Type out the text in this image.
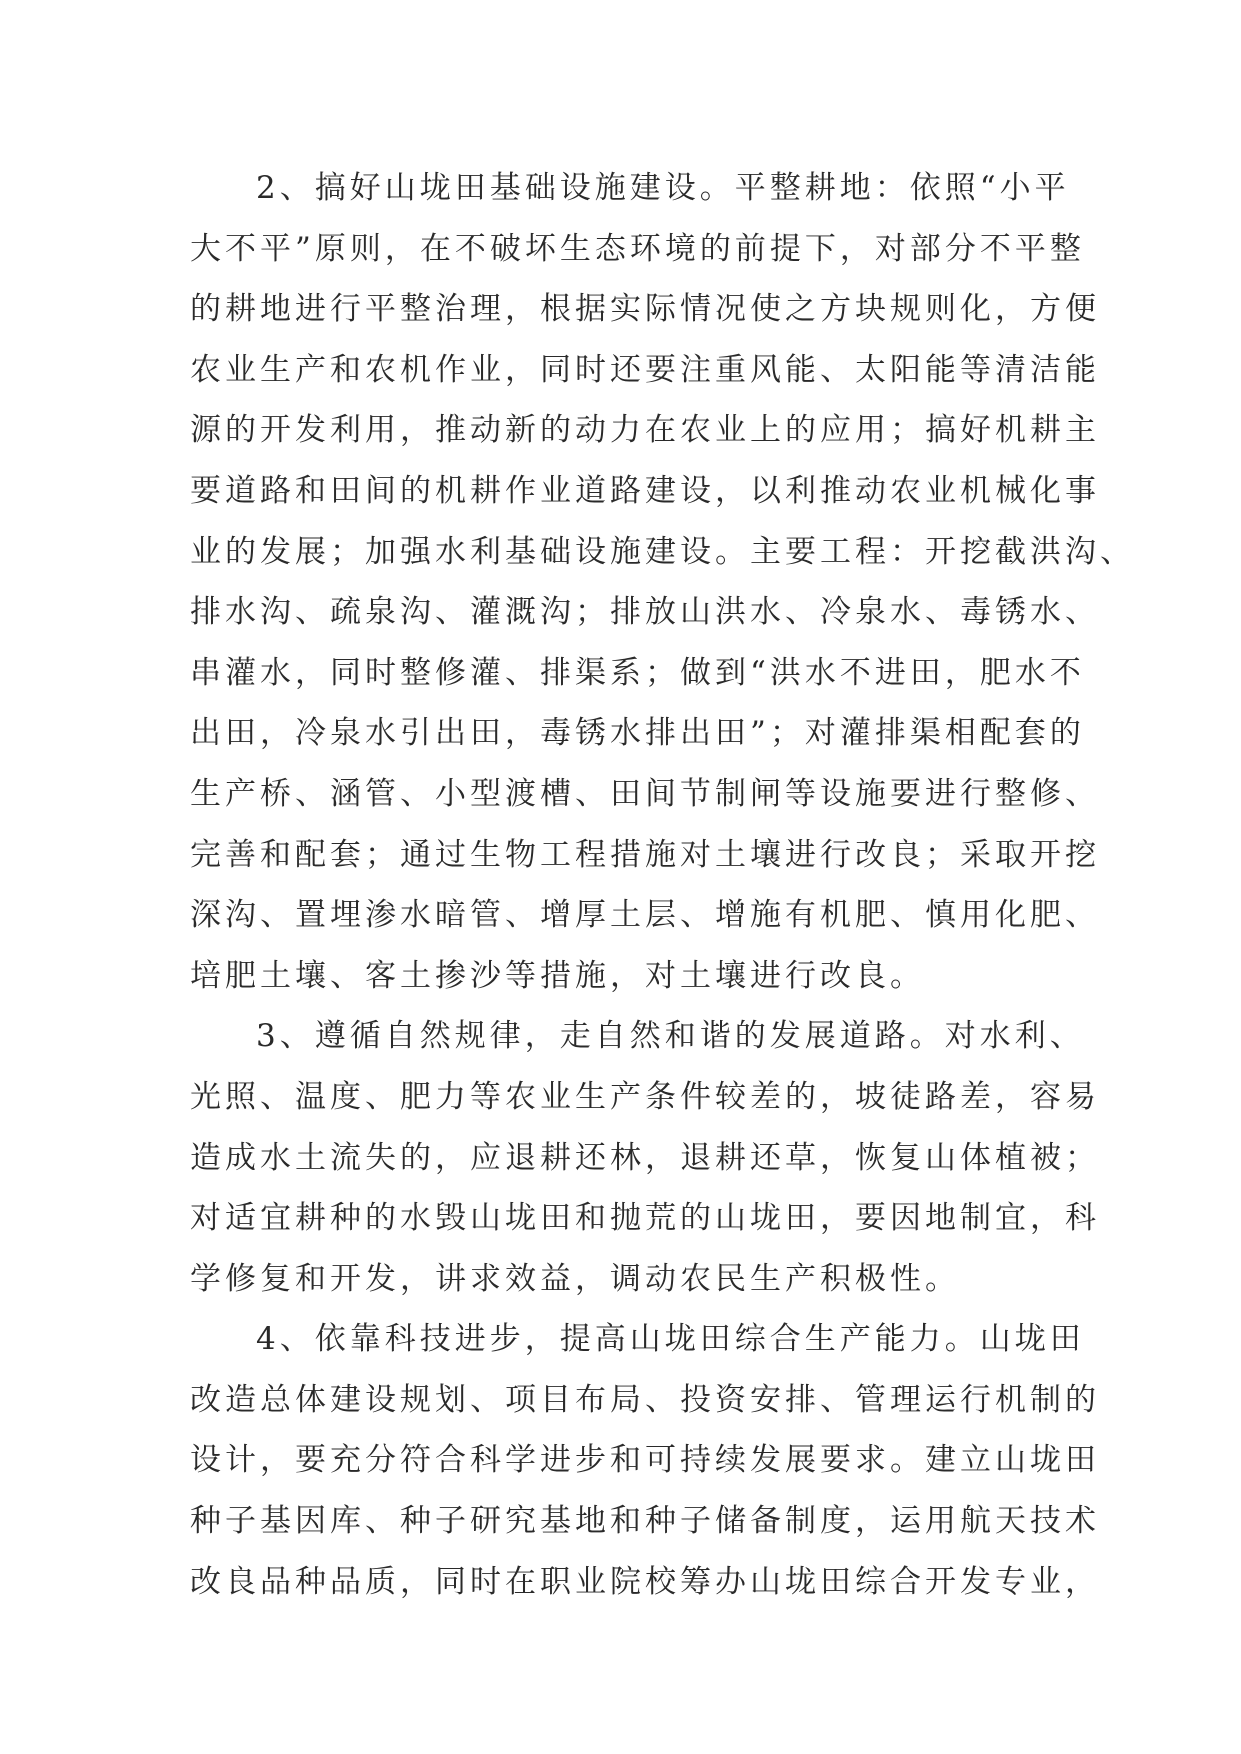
2、搞好山垅田基础设施建设。平整耕地：依照“小平
大不平”原则，在不破坏生态环境的前提下，对部分不平整
的耕地进行平整治理，根据实际情况使之方块规则化，方便
农业生产和农机作业，同时还要注重风能、太阳能等清洁能
源的开发利用，推动新的动力在农业上的应用；搞好机耕主
要道路和田间的机耕作业道路建设，以利推动农业机械化事
业的发展；加强水利基础设施建设。主要工程：开挖截洪沟、
排水沟、疏泉沟、灌溉沟；排放山洪水、冷泉水、毒锈水、
串灌水，同时整修灌、排渠系；做到“洪水不进田，肥水不
出田，冷泉水引出田，毒锈水排出田”；对灌排渠相配套的
生产桥、涵管、小型渡槽、田间节制闸等设施要进行整修、
完善和配套；通过生物工程措施对土壤进行改良；采取开挖
深沟、置埋渗水暗管、增厚土层、增施有机肥、慎用化肥、
培肥土壤、客土掺沙等措施，对土壤进行改良。
3、遵循自然规律，走自然和谐的发展道路。对水利、
光照、温度、肥力等农业生产条件较差的，坡徒路差，容易
造成水土流失的，应退耕还林，退耕还草，恢复山体植被；
对适宜耕种的水毁山垅田和抛荒的山垅田，要因地制宜，科
学修复和开发，讲求效益，调动农民生产积极性。
4、依靠科技进步，提高山垅田综合生产能力。山垅田
改造总体建设规划、项目布局、投资安排、管理运行机制的
设计，要充分符合科学进步和可持续发展要求。建立山垅田
种子基因库、种子研究基地和种子储备制度，运用航天技术
改良品种品质，同时在职业院校筹办山垅田综合开发专业，
